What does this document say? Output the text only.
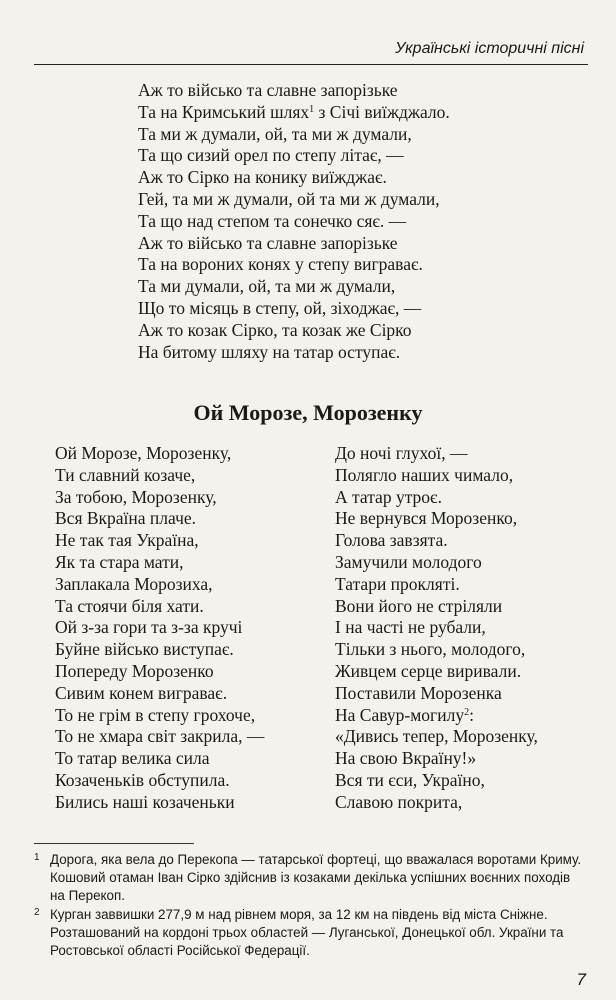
Українські історичні пісні
Аж то військо та славне запорізьке
Та на Кримський шлях$^1$ з Січі виїжджало.
Та ми ж думали, ой, та ми ж думали,
Та що сизий орел по степу літає, —
Аж то Сірко на конику виїжджає.
Гей, та ми ж думали, ой та ми ж думали,
Та що над степом та сонечко сяє. —
Аж то військо та славне запорізьке
Та на вороних конях у степу виграває.
Та ми думали, ой, та ми ж думали,
Що то місяць в степу, ой, зіходжає, —
Аж то козак Сірко, та козак же Сірко
На битому шляху на татар оступає.
Ой Морозе, Морозенку
Ой Морозе, Морозенку,
Ти славний козаче,
За тобою, Морозенку,
Вся Вкраїна плаче.
Не так тая Україна,
Як та стара мати,
Заплакала Морозиха,
Та стоячи біля хати.
Ой з-за гори та з-за кручі
Буйне військо виступає.
Попереду Морозенко
Сивим конем виграває.
То не грім в степу грохоче,
То не хмара світ закрила, —
То татар велика сила
Козаченьків обступила.
Бились наші козаченьки
До ночі глухої, —
Полягло наших чимало,
А татар утроє.
Не вернувся Морозенко,
Голова завзята.
Замучили молодого
Татари прокляті.
Вони його не стріляли
І на часті не рубали,
Тільки з нього, молодого,
Живцем серце виривали.
Поставили Морозенка
На Савур-могилу$^2$:
«Дивись тепер, Морозенку,
На свою Вкраїну!»
Вся ти єси, Україно,
Славою покрита,
1 Дорога, яка вела до Перекопа — татарської фортеці, що вважалася воротами Криму. Кошовий отаман Іван Сірко здійснив із козаками декілька успішних воєнних походів на Перекоп.
2 Курган заввишки 277,9 м над рівнем моря, за 12 км на південь від міста Сніжне. Розташований на кордоні трьох областей — Луганської, Донецької обл. України та Ростовської області Російської Федерації.
7
